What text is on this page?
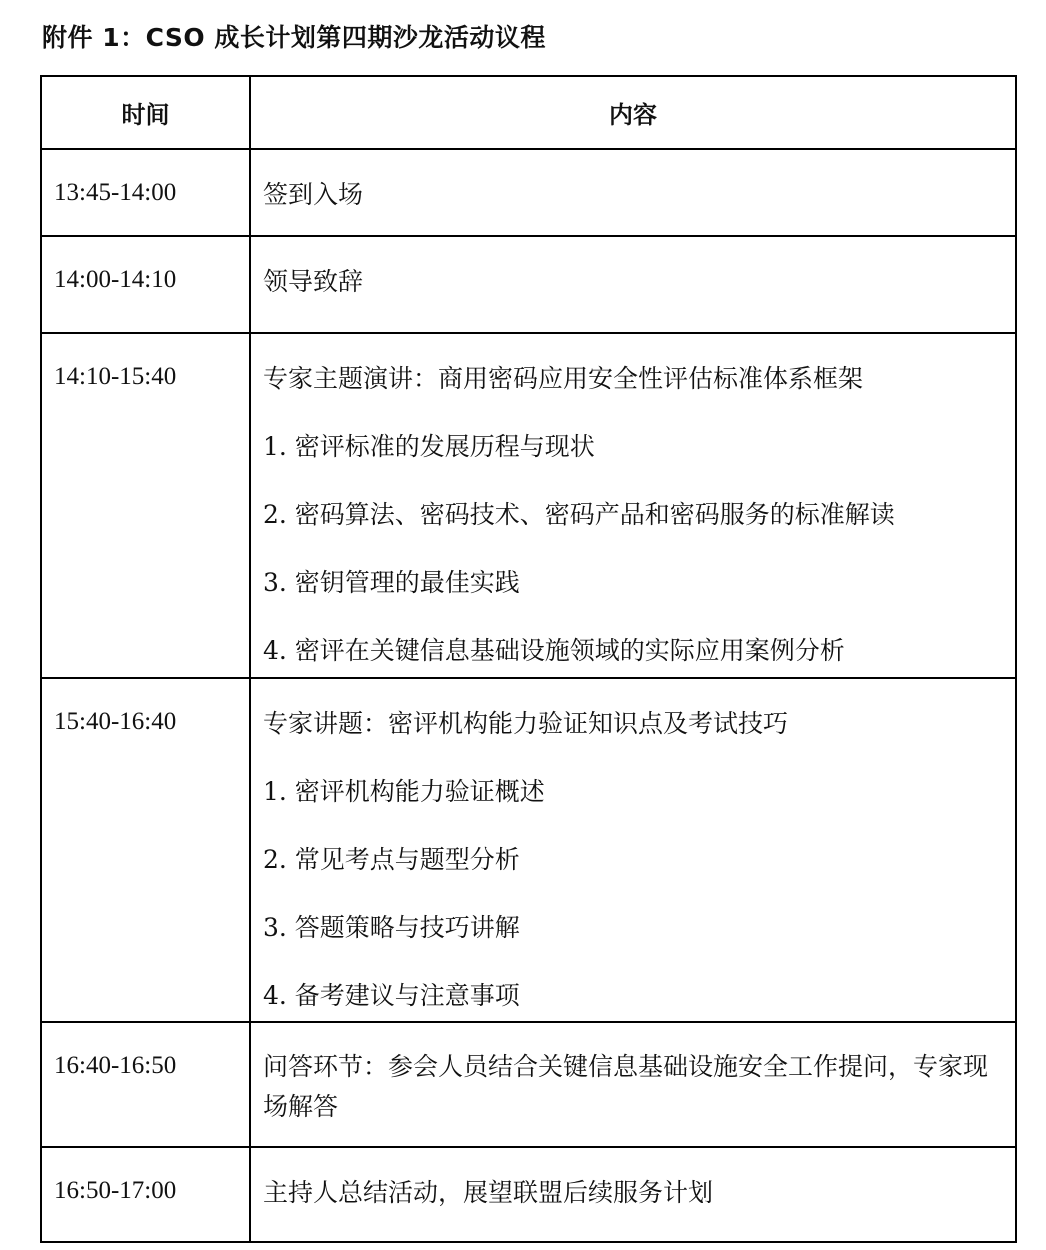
附件 1：CSO 成长计划第四期沙龙活动议程
时间	内容

13:45-14:00	签到入场

14:00-14:10	领导致辞

14:10-15:40	专家主题演讲：商用密码应用安全性评估标准体系框架
1. 密评标准的发展历程与现状
2. 密码算法、密码技术、密码产品和密码服务的标准解读
3. 密钥管理的最佳实践
4. 密评在关键信息基础设施领域的实际应用案例分析

15:40-16:40	专家讲题：密评机构能力验证知识点及考试技巧
1. 密评机构能力验证概述
2. 常见考点与题型分析
3. 答题策略与技巧讲解
4. 备考建议与注意事项

16:40-16:50	问答环节：参会人员结合关键信息基础设施安全工作提问，专家现场解答

16:50-17:00	主持人总结活动，展望联盟后续服务计划
